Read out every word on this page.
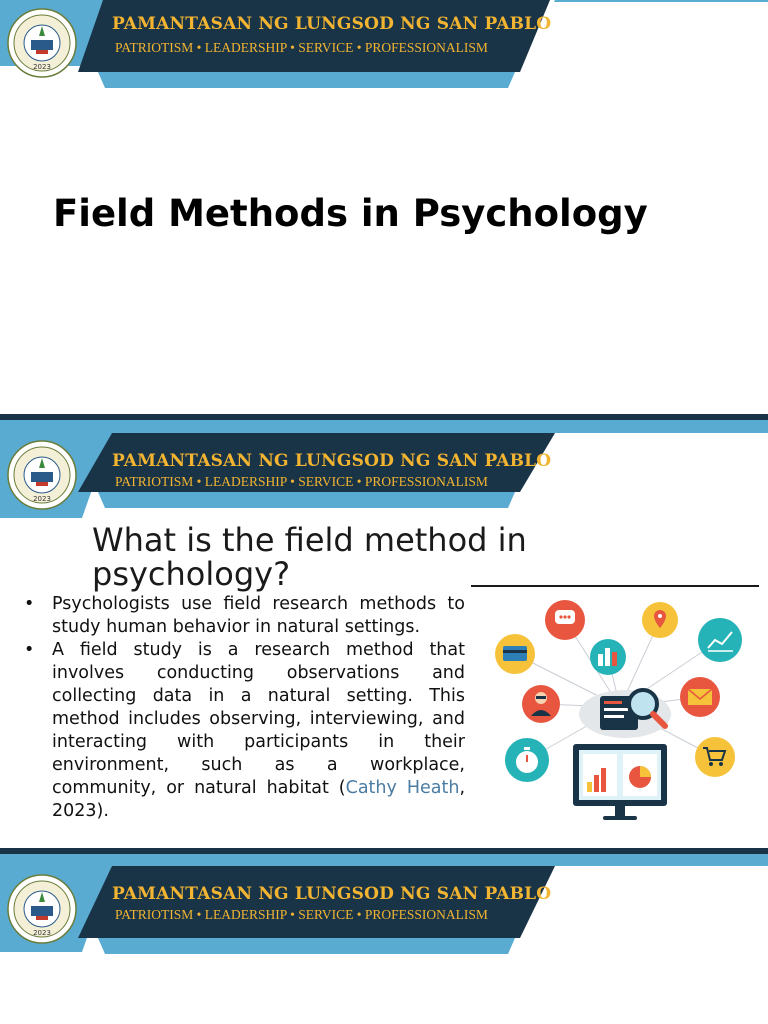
2023
PAMANTASAN NG LUNGSOD NG SAN PABLO
PATRIOTISM • LEADERSHIP • SERVICE • PROFESSIONALISM
Field Methods in Psychology
2023
PAMANTASAN NG LUNGSOD NG SAN PABLO
PATRIOTISM • LEADERSHIP • SERVICE • PROFESSIONALISM
What is the field method in psychology?
• Psychologists use field research methods to study human behavior in natural settings.
• A field study is a research method that involves conducting observations and collecting data in a natural setting. This method includes observing, interviewing, and interacting with participants in their environment, such as a workplace, community, or natural habitat (Cathy Heath, 2023).
2023
PAMANTASAN NG LUNGSOD NG SAN PABLO
PATRIOTISM • LEADERSHIP • SERVICE • PROFESSIONALISM
